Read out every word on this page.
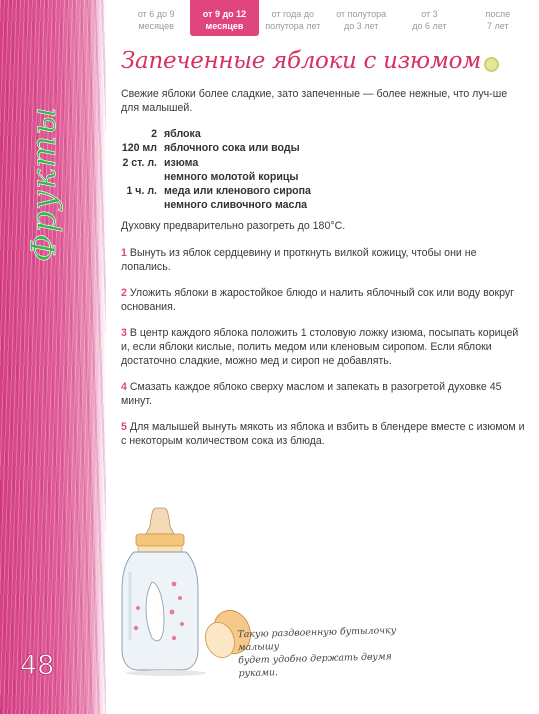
Фрукты
48
от 6 до 9
месяцев
от 9 до 12
месяцев
от года до
полутора лет
от полутора
до 3 лет
от 3
до 6 лет
после
7 лет
Запеченные яблоки с изюмом

Свежие яблоки более сладкие, зато запеченные — более нежные, что луч-ше для малышей.

2 яблока
120 мл яблочного сока или воды
2 ст. л. изюма
немного молотой корицы
1 ч. л. меда или кленового сиропа
немного сливочного масла

Духовку предварительно разогреть до 180°С.

1 Вынуть из яблок сердцевину и проткнуть вилкой кожицу, чтобы они не лопались.

2 Уложить яблоки в жаростойкое блюдо и налить яблочный сок или воду вокруг основания.

3 В центр каждого яблока положить 1 столовую ложку изюма, посыпать корицей и, если яблоки кислые, полить медом или кленовым сиропом. Если яблоки достаточно сладкие, можно мед и сироп не добавлять.

4 Смазать каждое яблоко сверху маслом и запекать в разогретой духовке 45 минут.

5 Для малышей вынуть мякоть из яблока и взбить в блендере вместе с изюмом и с некоторым количеством сока из блюда.

Такую раздвоенную бутылочку малышу
будет удобно держать двумя руками.
